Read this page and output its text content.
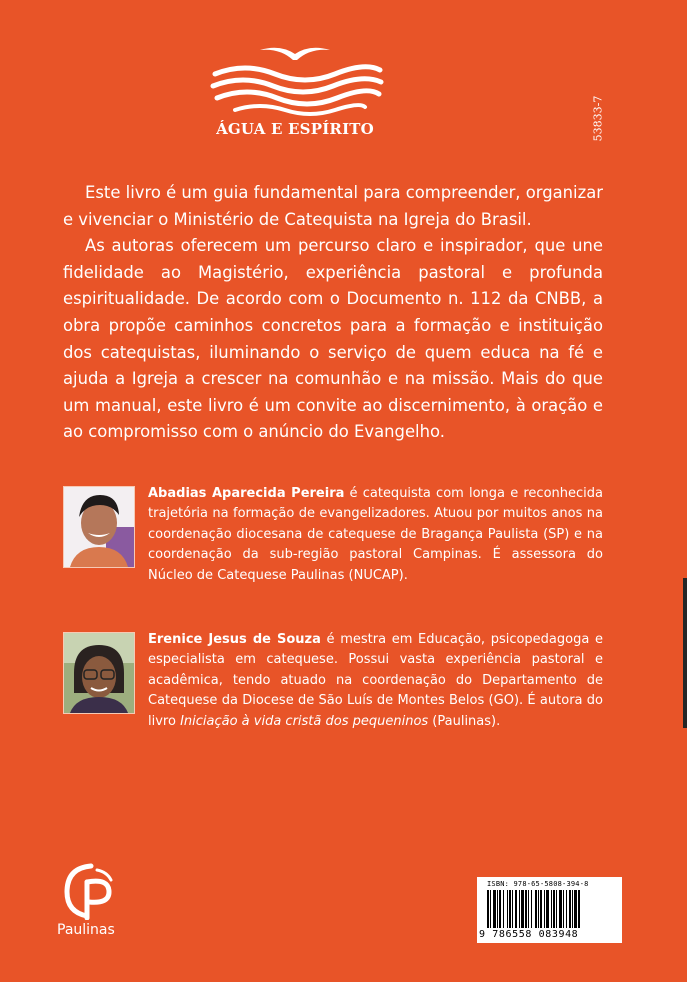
ÁGUA E ESPÍRITO	53833-7

Este livro é um guia fundamental para compreender, organizar e vivenciar o Ministério de Catequista na Igreja do Brasil.

As autoras oferecem um percurso claro e inspirador, que une fidelidade ao Magistério, experiência pastoral e profunda espiritualidade. De acordo com o Documento n. 112 da CNBB, a obra propõe caminhos concretos para a formação e instituição dos catequistas, iluminando o serviço de quem educa na fé e ajuda a Igreja a crescer na comunhão e na missão. Mais do que um manual, este livro é um convite ao discernimento, à oração e ao compromisso com o anúncio do Evangelho.

Abadias Aparecida Pereira é catequista com longa e reconhecida trajetória na formação de evangelizadores. Atuou por muitos anos na coordenação diocesana de catequese de Bragança Paulista (SP) e na coordenação da sub-região pastoral Campinas. É assessora do Núcleo de Catequese Paulinas (NUCAP).
Erenice Jesus de Souza é mestra em Educação, psicopedagoga e especialista em catequese. Possui vasta experiência pastoral e acadêmica, tendo atuado na coordenação do Departamento de Catequese da Diocese de São Luís de Montes Belos (GO). É autora do livro Iniciação à vida cristã dos pequeninos (Paulinas).
Paulinas
ISBN: 978-65-5808-394-8
9 786558 083948
